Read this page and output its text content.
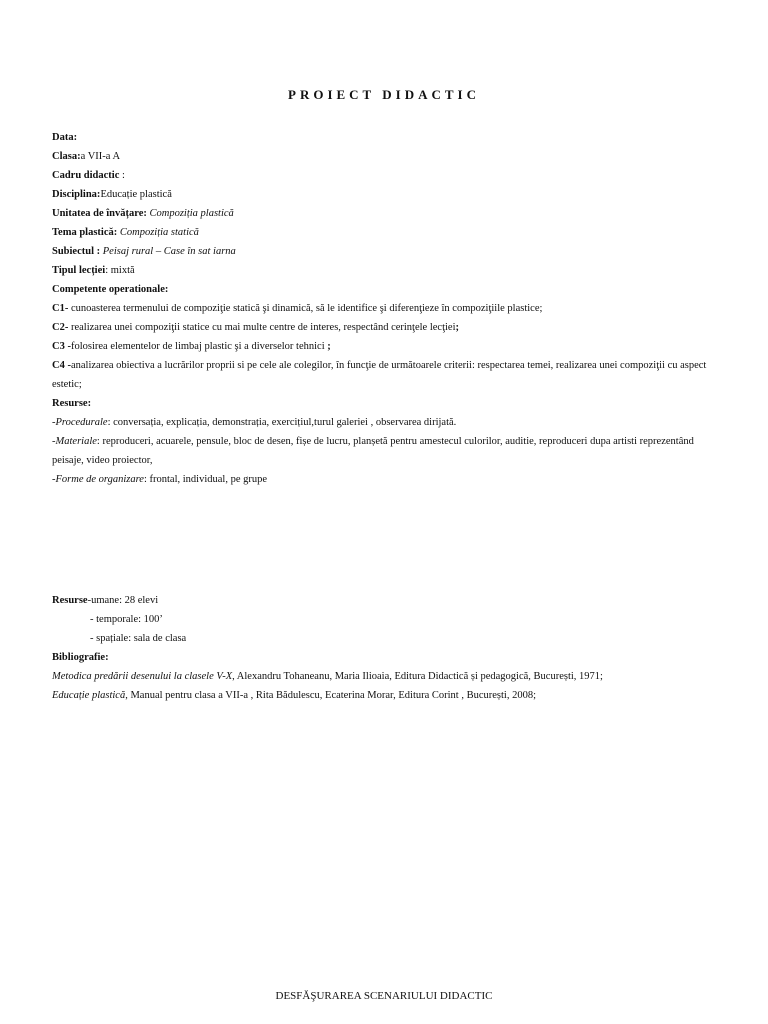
PROIECT DIDACTIC
Data:
Clasa:a VII-a A
Cadru didactic :
Disciplina:Educație plastică
Unitatea de învățare: Compoziția plastică
Tema plastică: Compoziția statică
Subiectul : Peisaj rural – Case în sat iarna
Tipul lecției: mixtă
Competente operationale:
C1- cunoasterea termenului de compoziţie statică şi dinamică, să le identifice şi diferenţieze în compoziţiile plastice;
C2- realizarea unei compoziţii statice cu mai multe centre de interes, respectând cerinţele lecţiei;
C3 -folosirea elementelor de limbaj plastic şi a diverselor tehnici ;
C4 -analizarea obiectiva a lucrărilor proprii si pe cele ale colegilor, în funcţie de următoarele criterii: respectarea temei, realizarea unei compoziţii cu aspect estetic;
Resurse:
-Procedurale: conversația, explicația, demonstrația, exercițiul,turul galeriei , observarea dirijată.
-Materiale: reproduceri, acuarele, pensule, bloc de desen, fișe de lucru, planșetă pentru amestecul culorilor, auditie, reproduceri dupa artisti reprezentând peisaje, video proiector,
-Forme de organizare: frontal, individual, pe grupe
Resurse-umane: 28 elevi
- temporale: 100’
- spațiale: sala de clasa
Bibliografie:
Metodica predării desenului la clasele V-X, Alexandru Tohaneanu, Maria Ilioaia, Editura Didactică și pedagogică, București, 1971;
Educație plastică, Manual pentru clasa a VII-a , Rita Bădulescu, Ecaterina Morar, Editura Corint , București, 2008;
DESFĂŞURAREA SCENARIULUI DIDACTIC
